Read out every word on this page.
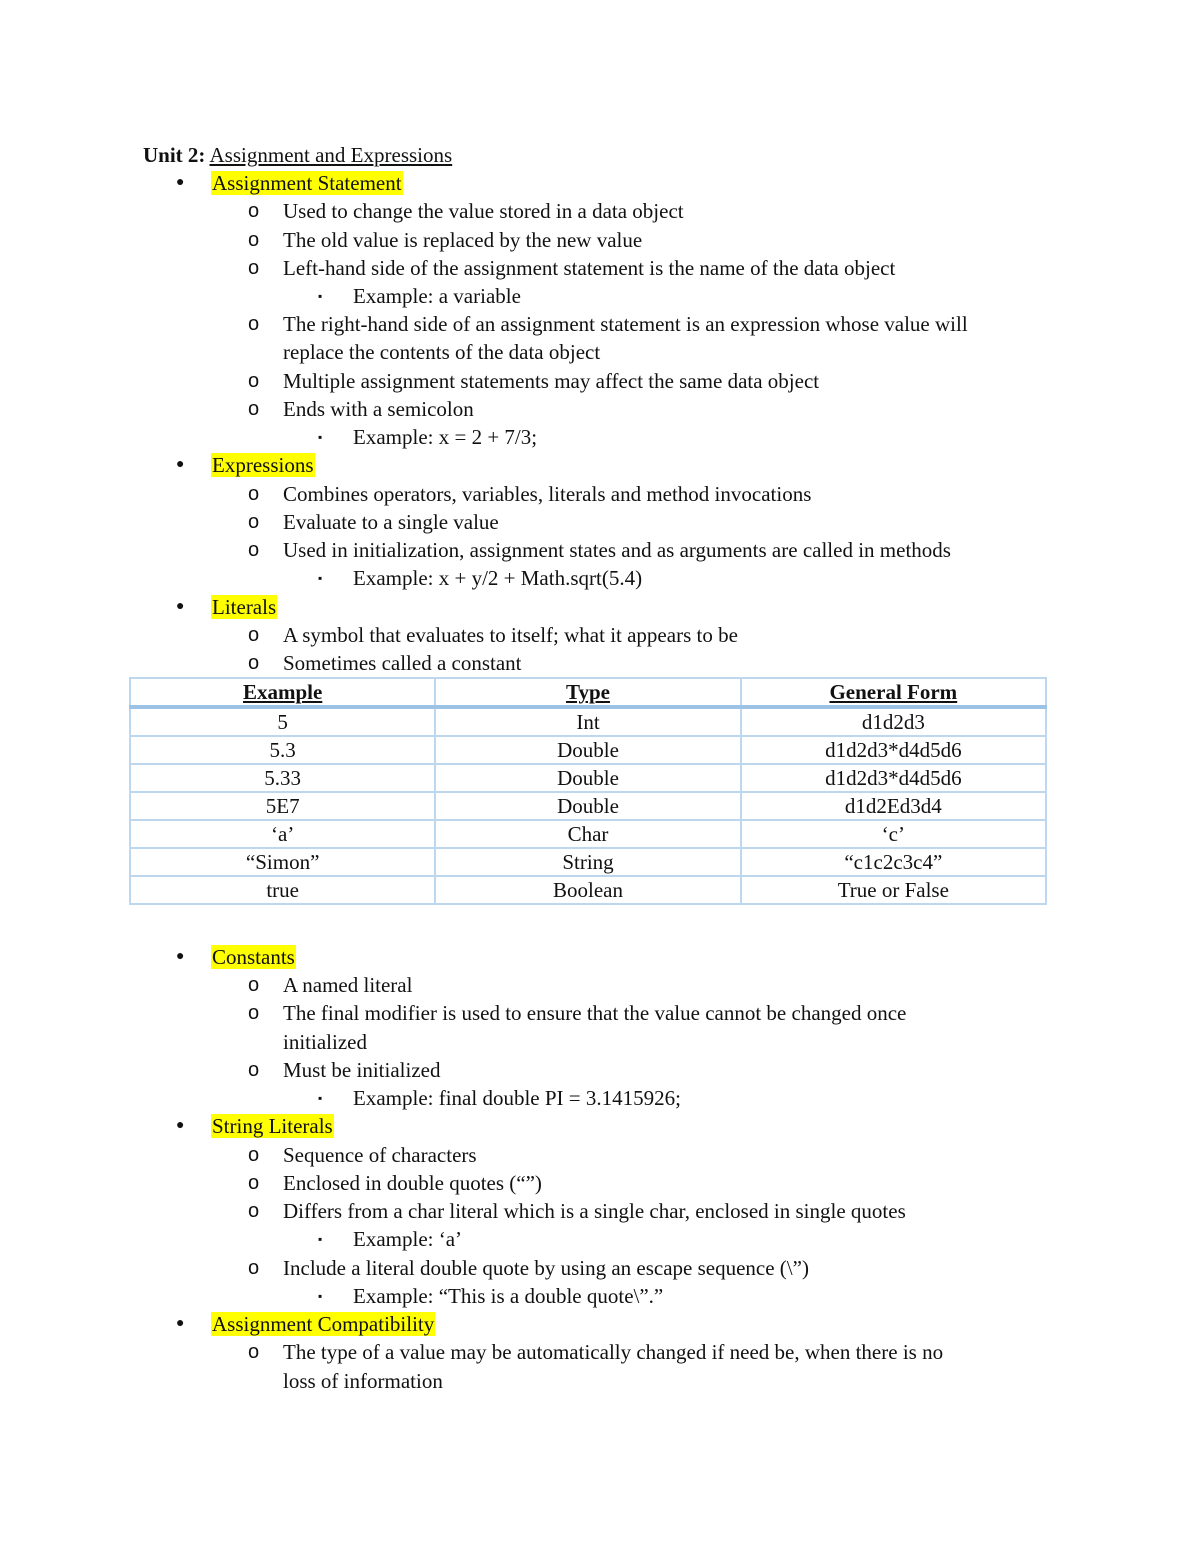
Unit 2: Assignment and Expressions
● Assignment Statement
o Used to change the value stored in a data object
o The old value is replaced by the new value
o Left-hand side of the assignment statement is the name of the data object
▪ Example: a variable
o The right-hand side of an assignment statement is an expression whose value will
replace the contents of the data object
o Multiple assignment statements may affect the same data object
o Ends with a semicolon
▪ Example: x = 2 + 7/3;
● Expressions
o Combines operators, variables, literals and method invocations
o Evaluate to a single value
o Used in initialization, assignment states and as arguments are called in methods
▪ Example: x + y/2 + Math.sqrt(5.4)
● Literals
o A symbol that evaluates to itself; what it appears to be
o Sometimes called a constant
Example	Type	General Form
5	Int	d1d2d3
5.3	Double	d1d2d3*d4d5d6
5.33	Double	d1d2d3*d4d5d6
5E7	Double	d1d2Ed3d4
‘a’	Char	‘c’
“Simon”	String	“c1c2c3c4”
true	Boolean	True or False
● Constants
o A named literal
o The final modifier is used to ensure that the value cannot be changed once
initialized
o Must be initialized
▪ Example: final double PI = 3.1415926;
● String Literals
o Sequence of characters
o Enclosed in double quotes (“”)
o Differs from a char literal which is a single char, enclosed in single quotes
▪ Example: ‘a’
o Include a literal double quote by using an escape sequence (\”)
▪ Example: “This is a double quote\”.”
● Assignment Compatibility
o The type of a value may be automatically changed if need be, when there is no
loss of information
